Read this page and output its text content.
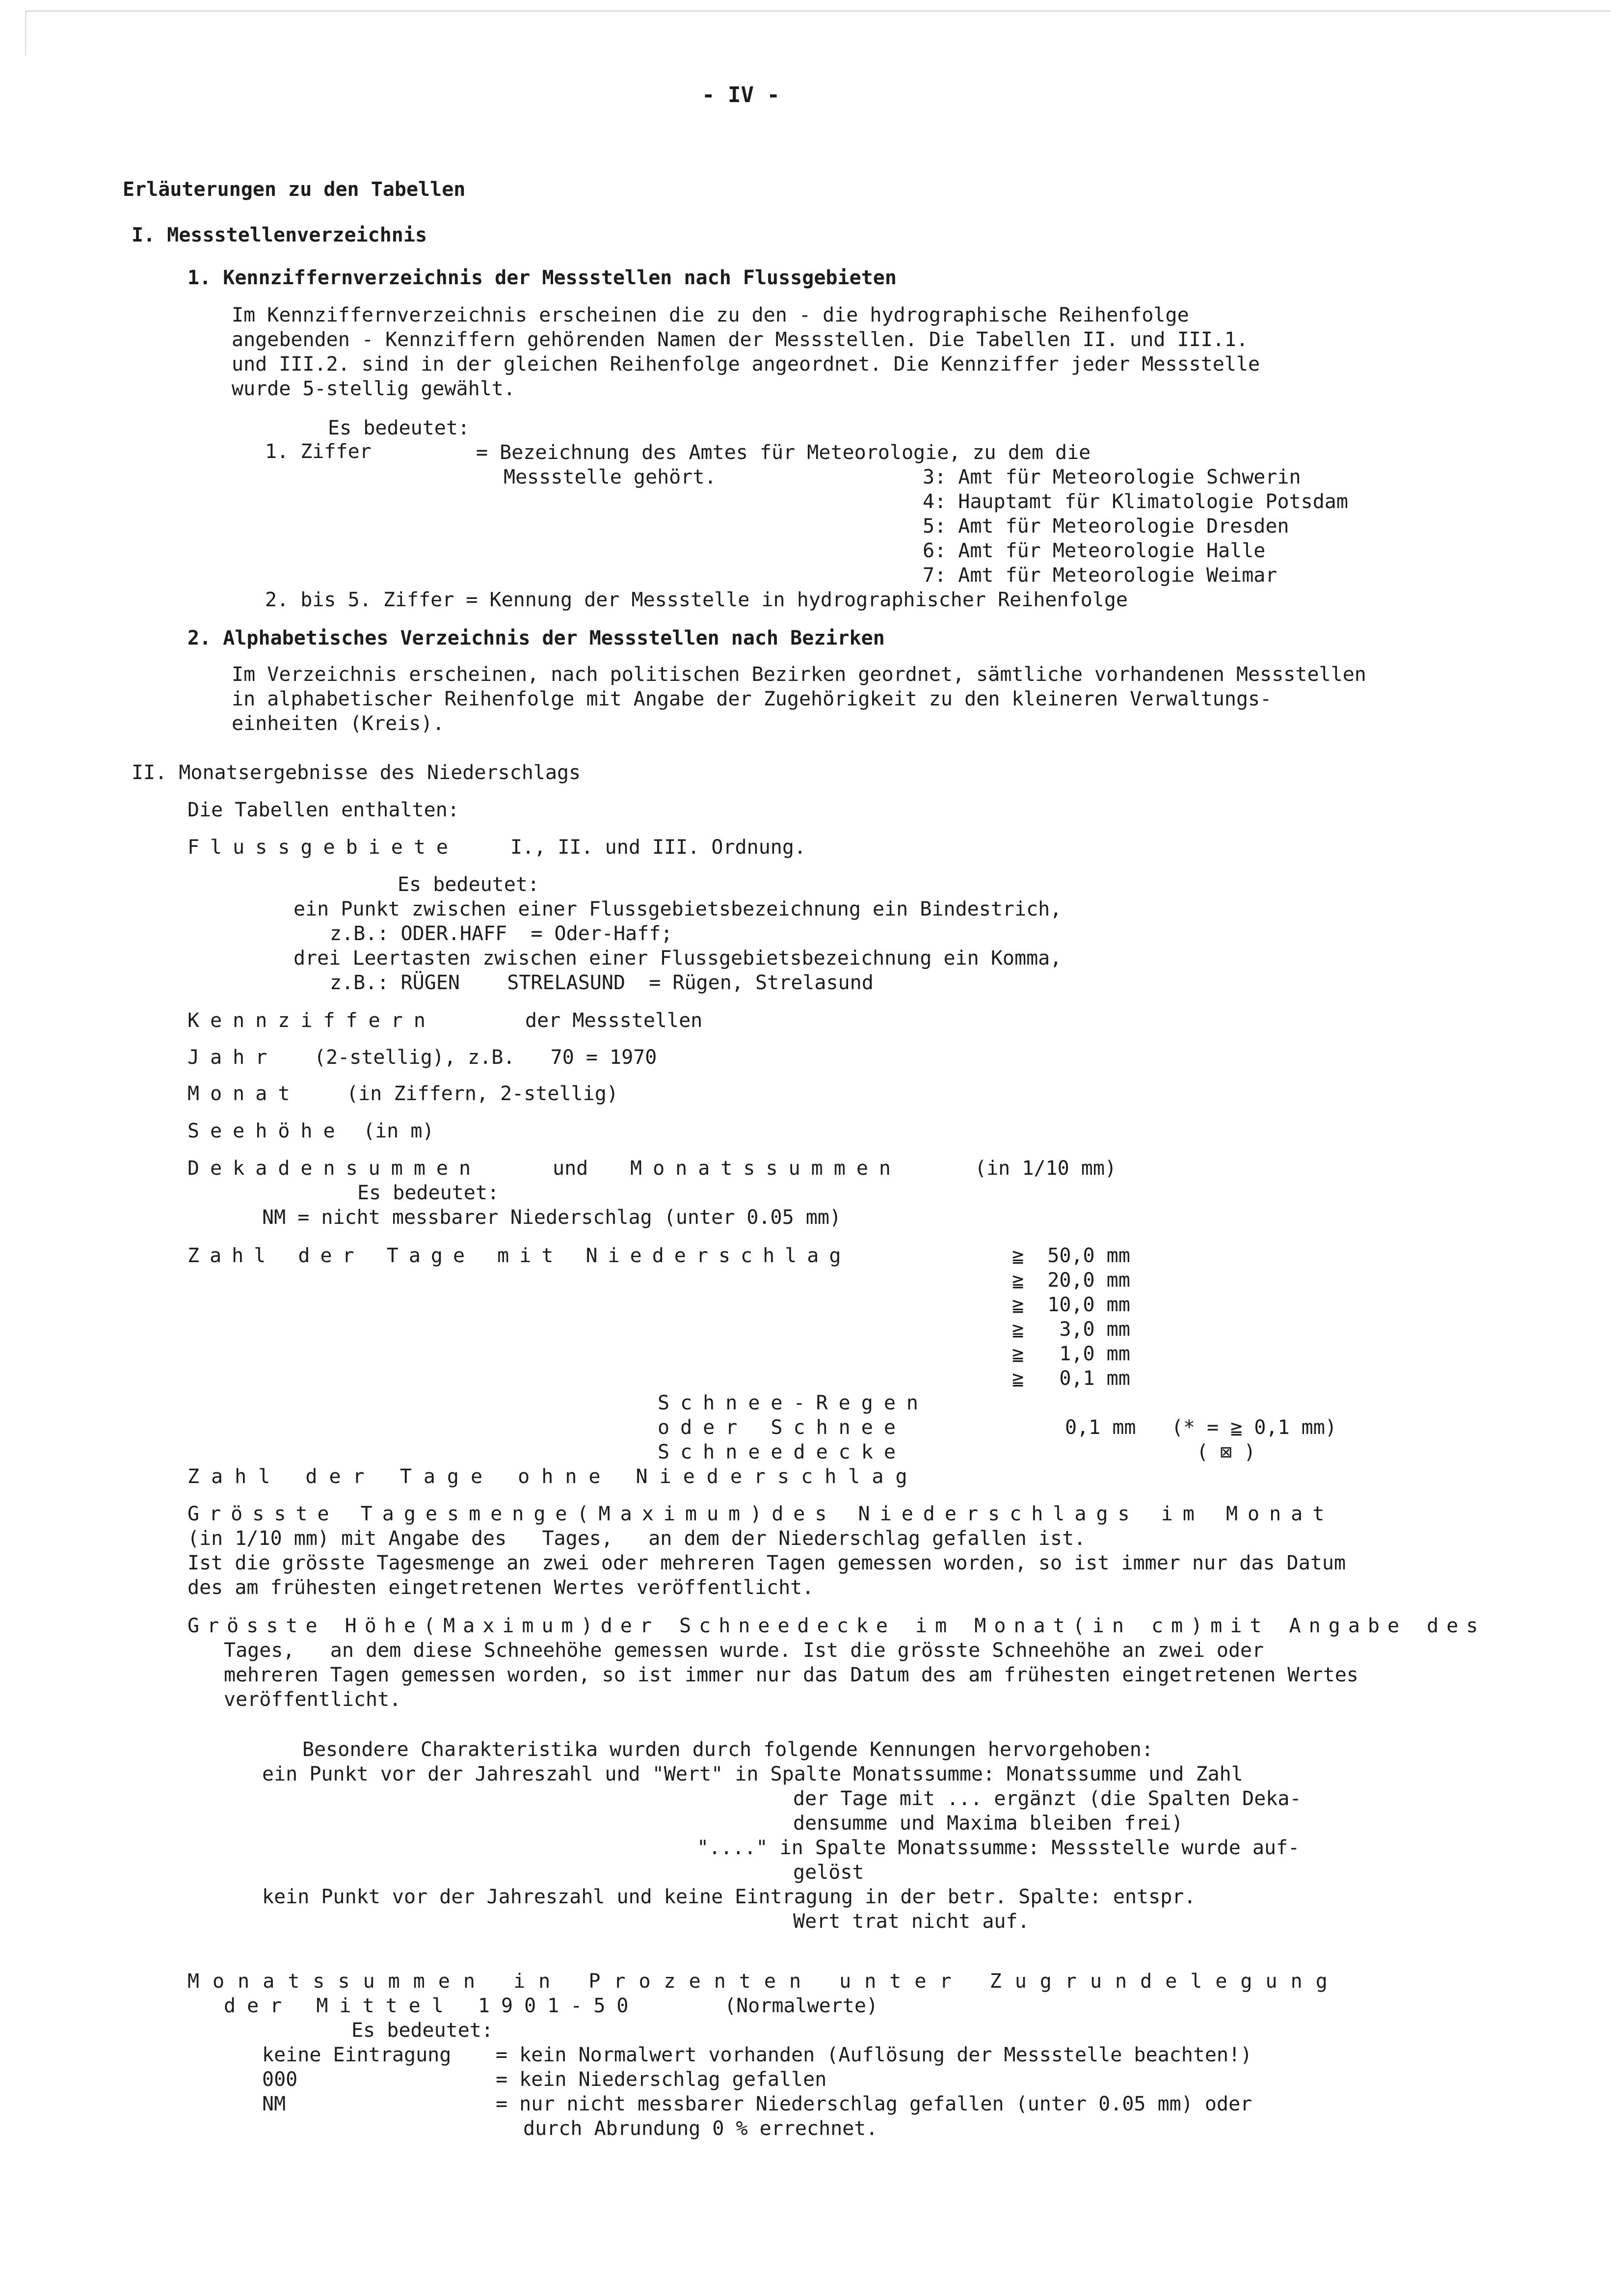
- IV -
Erläuterungen zu den Tabellen
I. Messstellenverzeichnis
1. Kennziffernverzeichnis der Messstellen nach Flussgebieten
Im Kennziffernverzeichnis erscheinen die zu den - die hydrographische Reihenfolge
angebenden - Kennziffern gehörenden Namen der Messstellen. Die Tabellen II. und III.1.
und III.2. sind in der gleichen Reihenfolge angeordnet. Die Kennziffer jeder Messstelle
wurde 5-stellig gewählt.
Es bedeutet:
1. Ziffer	= Bezeichnung des Amtes für Meteorologie, zu dem die
Messstelle gehört.	3: Amt für Meteorologie Schwerin
4: Hauptamt für Klimatologie Potsdam
5: Amt für Meteorologie Dresden
6: Amt für Meteorologie Halle
7: Amt für Meteorologie Weimar
2. bis 5. Ziffer = Kennung der Messstelle in hydrographischer Reihenfolge
2. Alphabetisches Verzeichnis der Messstellen nach Bezirken
Im Verzeichnis erscheinen, nach politischen Bezirken geordnet, sämtliche vorhandenen Messstellen
in alphabetischer Reihenfolge mit Angabe der Zugehörigkeit zu den kleineren Verwaltungs-
einheiten (Kreis).
II. Monatsergebnisse des Niederschlags
Die Tabellen enthalten:
Flussgebiete	I., II. und III. Ordnung.
Es bedeutet:
ein Punkt zwischen einer Flussgebietsbezeichnung ein Bindestrich,
z.B.: ODER.HAFF  = Oder-Haff;
drei Leertasten zwischen einer Flussgebietsbezeichnung ein Komma,
z.B.: RÜGEN    STRELASUND  = Rügen, Strelasund
Kennziffern	der Messstellen
Jahr (2-stellig), z.B.   70 = 1970
Monat (in Ziffern, 2-stellig)
Seehöhe (in m)
Dekadensummen	und Monatssummen	(in 1/10 mm)
Es bedeutet:
NM = nicht messbarer Niederschlag (unter 0.05 mm)
Zahl der Tage mit Niederschlag	≧  50,0 mm
≧  20,0 mm
≧  10,0 mm
≧   3,0 mm
≧   1,0 mm
≧   0,1 mm
Schnee-Regen
oder Schnee	0,1 mm   (* = ≧ 0,1 mm)
Schneedecke	( ⊠ )
Zahl der Tage ohne Niederschlag
Grösste Tagesmenge(Maximum)des Niederschlags im Monat
(in 1/10 mm) mit Angabe des   Tages,   an dem der Niederschlag gefallen ist.
Ist die grösste Tagesmenge an zwei oder mehreren Tagen gemessen worden, so ist immer nur das Datum
des am frühesten eingetretenen Wertes veröffentlicht.
Grösste Höhe(Maximum)der Schneedecke im Monat(in cm)mit Angabe des
Tages,   an dem diese Schneehöhe gemessen wurde. Ist die grösste Schneehöhe an zwei oder
mehreren Tagen gemessen worden, so ist immer nur das Datum des am frühesten eingetretenen Wertes
veröffentlicht.
Besondere Charakteristika wurden durch folgende Kennungen hervorgehoben:
ein Punkt vor der Jahreszahl und "Wert" in Spalte Monatssumme: Monatssumme und Zahl
der Tage mit ... ergänzt (die Spalten Deka-
densumme und Maxima bleiben frei)
"...." in Spalte Monatssumme: Messstelle wurde auf-
gelöst
kein Punkt vor der Jahreszahl und keine Eintragung in der betr. Spalte: entspr.
Wert trat nicht auf.
Monatssummen in Prozenten unter Zugrundelegung
der Mittel 1901-50	(Normalwerte)
Es bedeutet:
keine Eintragung = kein Normalwert vorhanden (Auflösung der Messstelle beachten!)
000	= kein Niederschlag gefallen
NM	= nur nicht messbarer Niederschlag gefallen (unter 0.05 mm) oder
durch Abrundung 0 % errechnet.
